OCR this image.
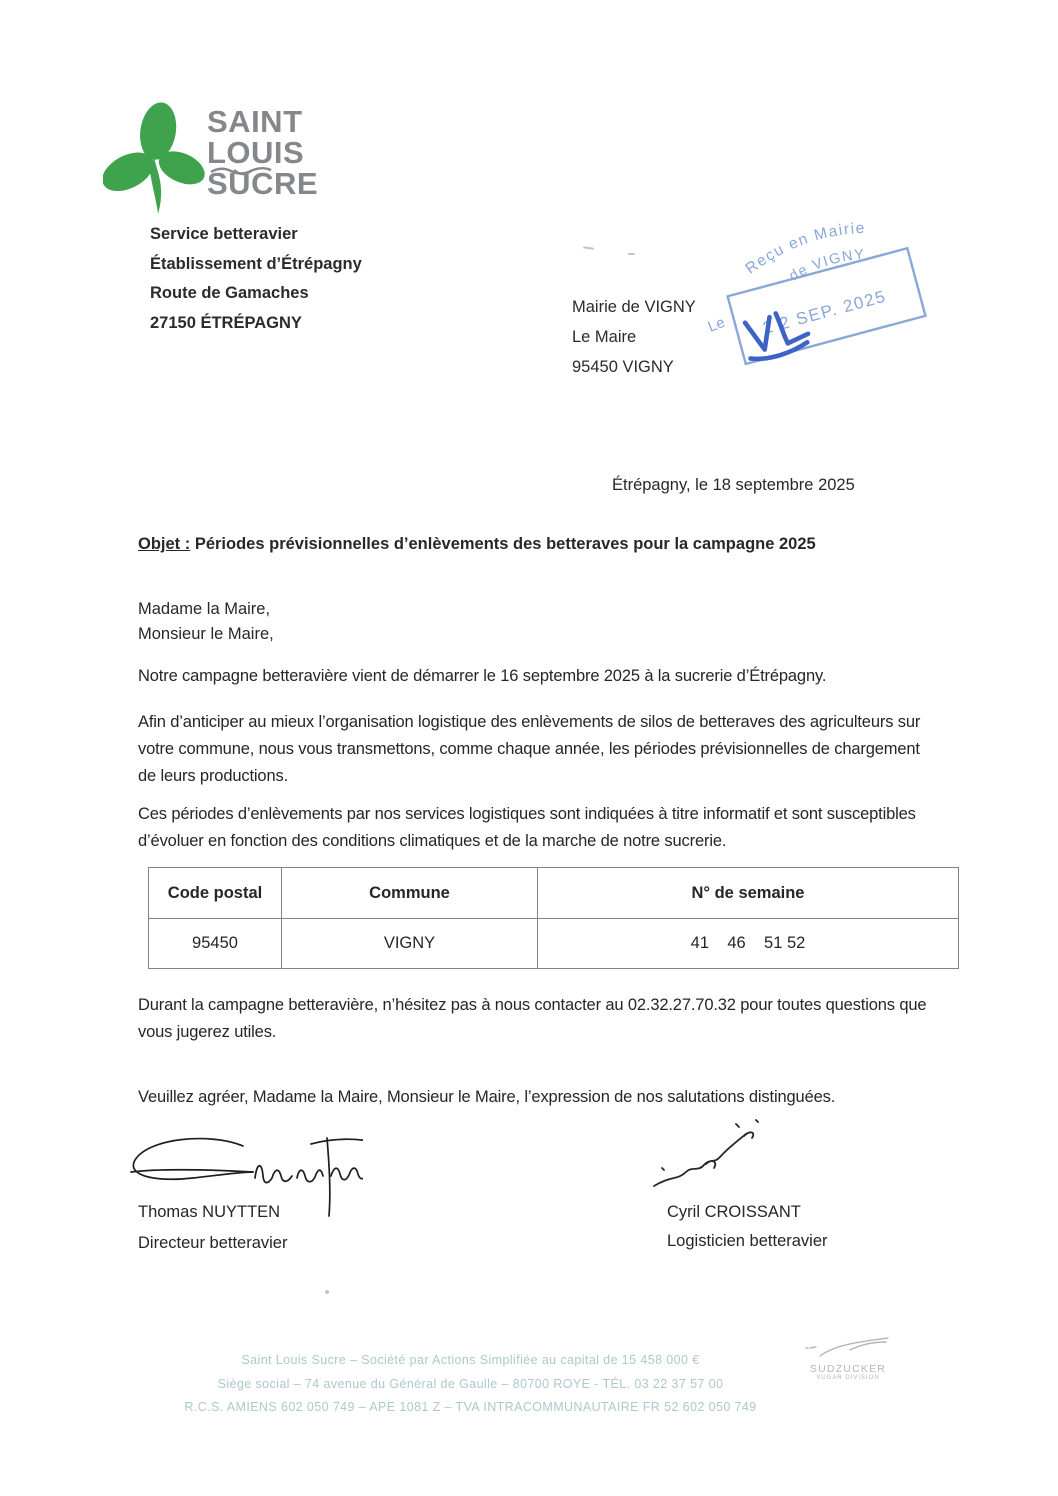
SAINT
LOUIS
SUCRE
Service betteravier
Établissement d’Étrépagny
Route de Gamaches
27150 ÉTRÉPAGNY
Mairie de VIGNY
Le Maire
95450 VIGNY
Reçu en Mairie
de VIGNY
Le 2 2 SEP. 2025
Étrépagny, le 18 septembre 2025
Objet : Périodes prévisionnelles d’enlèvements des betteraves pour la campagne 2025
Madame la Maire,
Monsieur le Maire,
Notre campagne betteravière vient de démarrer le 16 septembre 2025 à la sucrerie d’Étrépagny.
Afin d’anticiper au mieux l’organisation logistique des enlèvements de silos de betteraves des agriculteurs sur
votre commune, nous vous transmettons, comme chaque année, les périodes prévisionnelles de chargement
de leurs productions.
Ces périodes d’enlèvements par nos services logistiques sont indiquées à titre informatif et sont susceptibles
d’évoluer en fonction des conditions climatiques et de la marche de notre sucrerie.
Code postal	Commune	N° de semaine
95450	VIGNY	41    46    51 52
Durant la campagne betteravière, n’hésitez pas à nous contacter au 02.32.27.70.32 pour toutes questions que
vous jugerez utiles.
Veuillez agréer, Madame la Maire, Monsieur le Maire, l’expression de nos salutations distinguées.
Thomas NUYTTEN
Directeur betteravier
Cyril CROISSANT
Logisticien betteravier
Saint Louis Sucre – Société par Actions Simplifiée au capital de 15 458 000 €
Siège social – 74 avenue du Général de Gaulle – 80700 ROYE - TÉL. 03 22 37 57 00
R.C.S. AMIENS 602 050 749 – APE 1081 Z – TVA INTRACOMMUNAUTAIRE FR 52 602 050 749
SUDZUCKER
SUGAR DIVISION
